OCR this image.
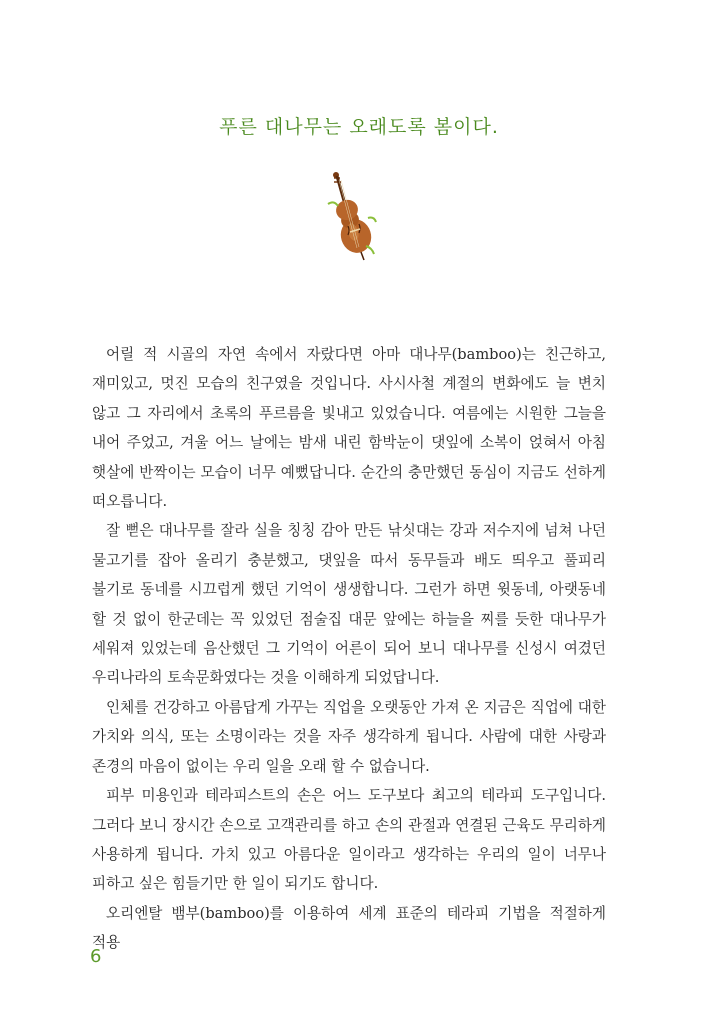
푸른 대나무는 오래도록 봄이다.

어릴 적 시골의 자연 속에서 자랐다면 아마 대나무(bamboo)는 친근하고, 재미있고, 멋진 모습의 친구였을 것입니다. 사시사철 계절의 변화에도 늘 변치 않고 그 자리에서 초록의 푸르름을 빛내고 있었습니다. 여름에는 시원한 그늘을 내어 주었고, 겨울 어느 날에는 밤새 내린 함박눈이 댓잎에 소복이 얹혀서 아침 햇살에 반짝이는 모습이 너무 예뻤답니다. 순간의 충만했던 동심이 지금도 선하게 떠오릅니다.

잘 뻗은 대나무를 잘라 실을 칭칭 감아 만든 낚싯대는 강과 저수지에 넘쳐 나던 물고기를 잡아 올리기 충분했고, 댓잎을 따서 동무들과 배도 띄우고 풀피리 불기로 동네를 시끄럽게 했던 기억이 생생합니다. 그런가 하면 윗동네, 아랫동네 할 것 없이 한군데는 꼭 있었던 점술집 대문 앞에는 하늘을 찌를 듯한 대나무가 세워져 있었는데 음산했던 그 기억이 어른이 되어 보니 대나무를 신성시 여겼던 우리나라의 토속문화였다는 것을 이해하게 되었답니다.

인체를 건강하고 아름답게 가꾸는 직업을 오랫동안 가져 온 지금은 직업에 대한 가치와 의식, 또는 소명이라는 것을 자주 생각하게 됩니다. 사람에 대한 사랑과 존경의 마음이 없이는 우리 일을 오래 할 수 없습니다.

피부 미용인과 테라피스트의 손은 어느 도구보다 최고의 테라피 도구입니다. 그러다 보니 장시간 손으로 고객관리를 하고 손의 관절과 연결된 근육도 무리하게 사용하게 됩니다. 가치 있고 아름다운 일이라고 생각하는 우리의 일이 너무나 피하고 싶은 힘들기만 한 일이 되기도 합니다.

오리엔탈 뱀부(bamboo)를 이용하여 세계 표준의 테라피 기법을 적절하게 적용

6
